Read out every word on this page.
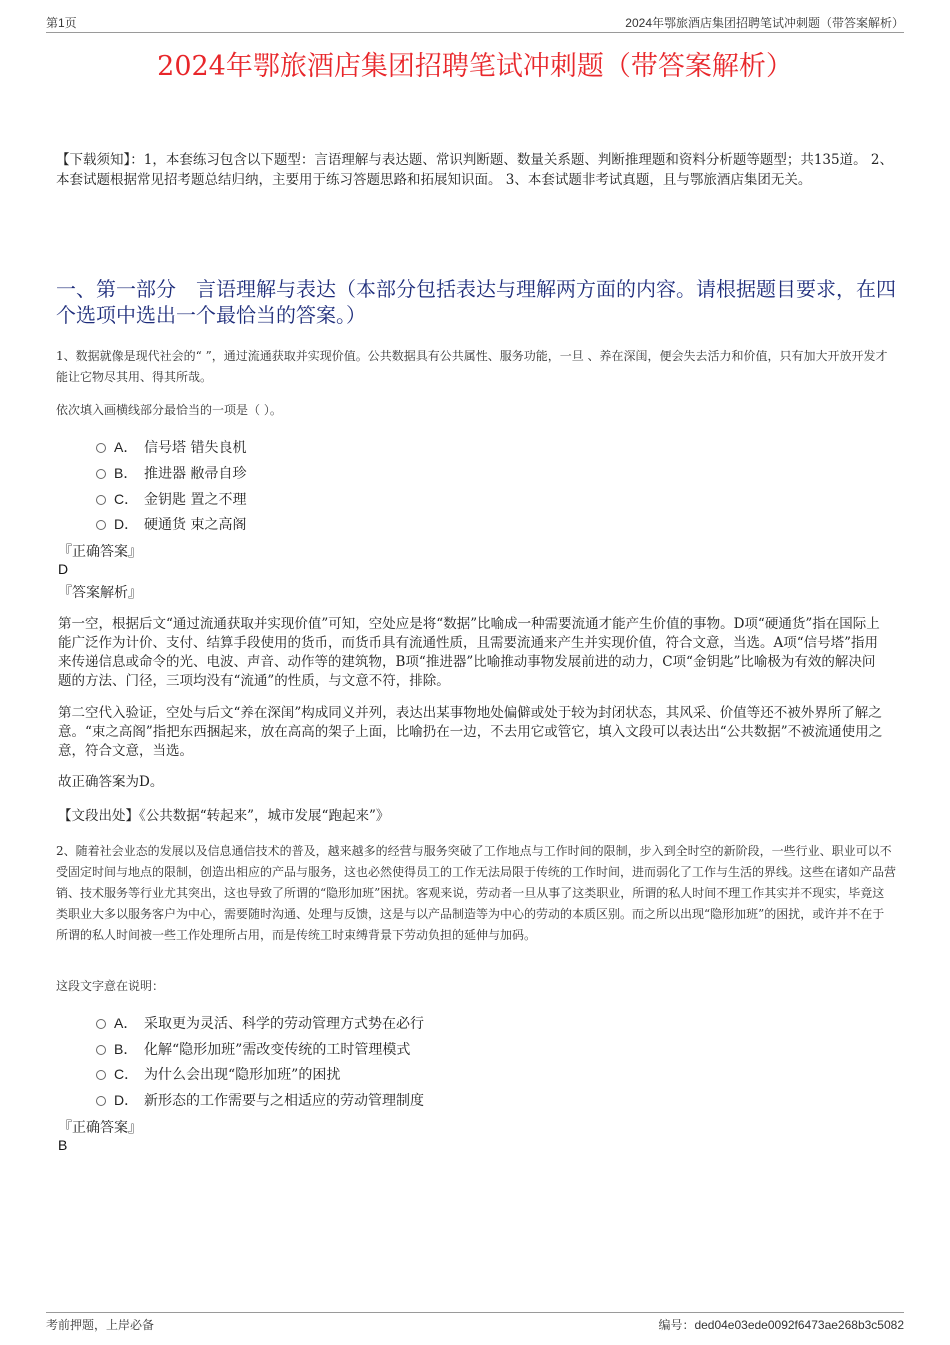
第1页	2024年鄂旅酒店集团招聘笔试冲刺题（带答案解析）
2024年鄂旅酒店集团招聘笔试冲刺题（带答案解析）
【下载须知】：1，本套练习包含以下题型：言语理解与表达题、常识判断题、数量关系题、判断推理题和资料分析题等题型；共135道。 2、本套试题根据常见招考题总结归纳，主要用于练习答题思路和拓展知识面。 3、本套试题非考试真题，且与鄂旅酒店集团无关。
一、第一部分　言语理解与表达（本部分包括表达与理解两方面的内容。请根据题目要求，在四个选项中选出一个最恰当的答案。）
1、数据就像是现代社会的“ ”，通过流通获取并实现价值。公共数据具有公共属性、服务功能，一旦 、养在深闺，便会失去活力和价值，只有加大开放开发才能让它物尽其用、得其所哉。
依次填入画横线部分最恰当的一项是（ ）。
A． 信号塔 错失良机
B． 推进器 敝帚自珍
C． 金钥匙 置之不理
D． 硬通货 束之高阁
『正确答案』
D
『答案解析』
第一空，根据后文“通过流通获取并实现价值”可知，空处应是将“数据”比喻成一种需要流通才能产生价值的事物。D项“硬通货”指在国际上能广泛作为计价、支付、结算手段使用的货币，而货币具有流通性质，且需要流通来产生并实现价值，符合文意，当选。A项“信号塔”指用来传递信息或命令的光、电波、声音、动作等的建筑物，B项“推进器”比喻推动事物发展前进的动力，C项“金钥匙”比喻极为有效的解决问题的方法、门径，三项均没有“流通”的性质，与文意不符，排除。
第二空代入验证，空处与后文“养在深闺”构成同义并列，表达出某事物地处偏僻或处于较为封闭状态，其风采、价值等还不被外界所了解之意。“束之高阁”指把东西捆起来，放在高高的架子上面，比喻扔在一边，不去用它或管它，填入文段可以表达出“公共数据”不被流通使用之意，符合文意，当选。
故正确答案为D。
【文段出处】《公共数据“转起来”，城市发展“跑起来”》
2、随着社会业态的发展以及信息通信技术的普及，越来越多的经营与服务突破了工作地点与工作时间的限制，步入到全时空的新阶段，一些行业、职业可以不受固定时间与地点的限制，创造出相应的产品与服务，这也必然使得员工的工作无法局限于传统的工作时间，进而弱化了工作与生活的界线。这些在诸如产品营销、技术服务等行业尤其突出，这也导致了所谓的“隐形加班”困扰。客观来说，劳动者一旦从事了这类职业，所谓的私人时间不理工作其实并不现实，毕竟这类职业大多以服务客户为中心，需要随时沟通、处理与反馈，这是与以产品制造等为中心的劳动的本质区别。而之所以出现“隐形加班”的困扰，或许并不在于所谓的私人时间被一些工作处理所占用，而是传统工时束缚背景下劳动负担的延伸与加码。
这段文字意在说明：
A． 采取更为灵活、科学的劳动管理方式势在必行
B． 化解“隐形加班”需改变传统的工时管理模式
C． 为什么会出现“隐形加班”的困扰
D． 新形态的工作需要与之相适应的劳动管理制度
『正确答案』
B
考前押题，上岸必备	编号：ded04e03ede0092f6473ae268b3c5082
